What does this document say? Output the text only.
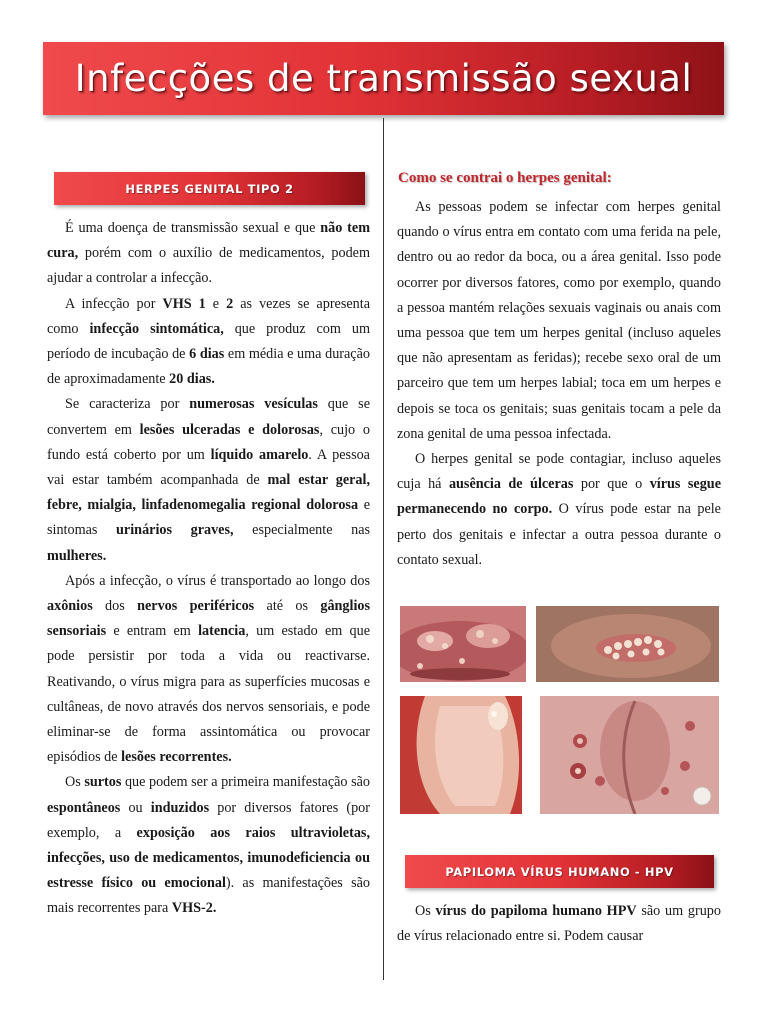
Infecções de transmissão sexual
HERPES GENITAL TIPO 2

É uma doença de transmissão sexual e que não tem cura, porém com o auxílio de medicamentos, podem ajudar a controlar a infecção.

A infecção por VHS 1 e 2 as vezes se apresenta como infecção sintomática, que produz com um período de incubação de 6 dias em média e uma duração de aproximadamente 20 dias.

Se caracteriza por numerosas vesículas que se convertem em lesões ulceradas e dolorosas, cujo o fundo está coberto por um líquido amarelo. A pessoa vai estar também acompanhada de mal estar geral, febre, mialgia, linfadenomegalia regional dolorosa e sintomas urinários graves, especialmente nas mulheres.

Após a infecção, o vírus é transportado ao longo dos axônios dos nervos periféricos até os gânglios sensoriais e entram em latencia, um estado em que pode persistir por toda a vida ou reactivarse. Reativando, o vírus migra para as superfícies mucosas e cultâneas, de novo através dos nervos sensoriais, e pode eliminar-se de forma assintomática ou provocar episódios de lesões recorrentes.

Os surtos que podem ser a primeira manifestação são espontâneos ou induzidos por diversos fatores (por exemplo, a exposição aos raios ultravioletas, infecções, uso de medicamentos, imunodeficiencia ou estresse físico ou emocional). as manifestações são mais recorrentes para VHS-2.

Como se contrai o herpes genital:

As pessoas podem se infectar com herpes genital quando o vírus entra em contato com uma ferida na pele, dentro ou ao redor da boca, ou a área genital. Isso pode ocorrer por diversos fatores, como por exemplo, quando a pessoa mantém relações sexuais vaginais ou anais com uma pessoa que tem um herpes genital (incluso aqueles que não apresentam as feridas); recebe sexo oral de um parceiro que tem um herpes labial; toca em um herpes e depois se toca os genitais; suas genitais tocam a pele da zona genital de uma pessoa infectada.

O herpes genital se pode contagiar, incluso aqueles cuja há ausência de úlceras por que o vírus segue permanecendo no corpo. O vírus pode estar na pele perto dos genitais e infectar a outra pessoa durante o contato sexual.

PAPILOMA VÍRUS HUMANO - HPV

Os vírus do papiloma humano HPV são um grupo de vírus relacionado entre si. Podem causar
